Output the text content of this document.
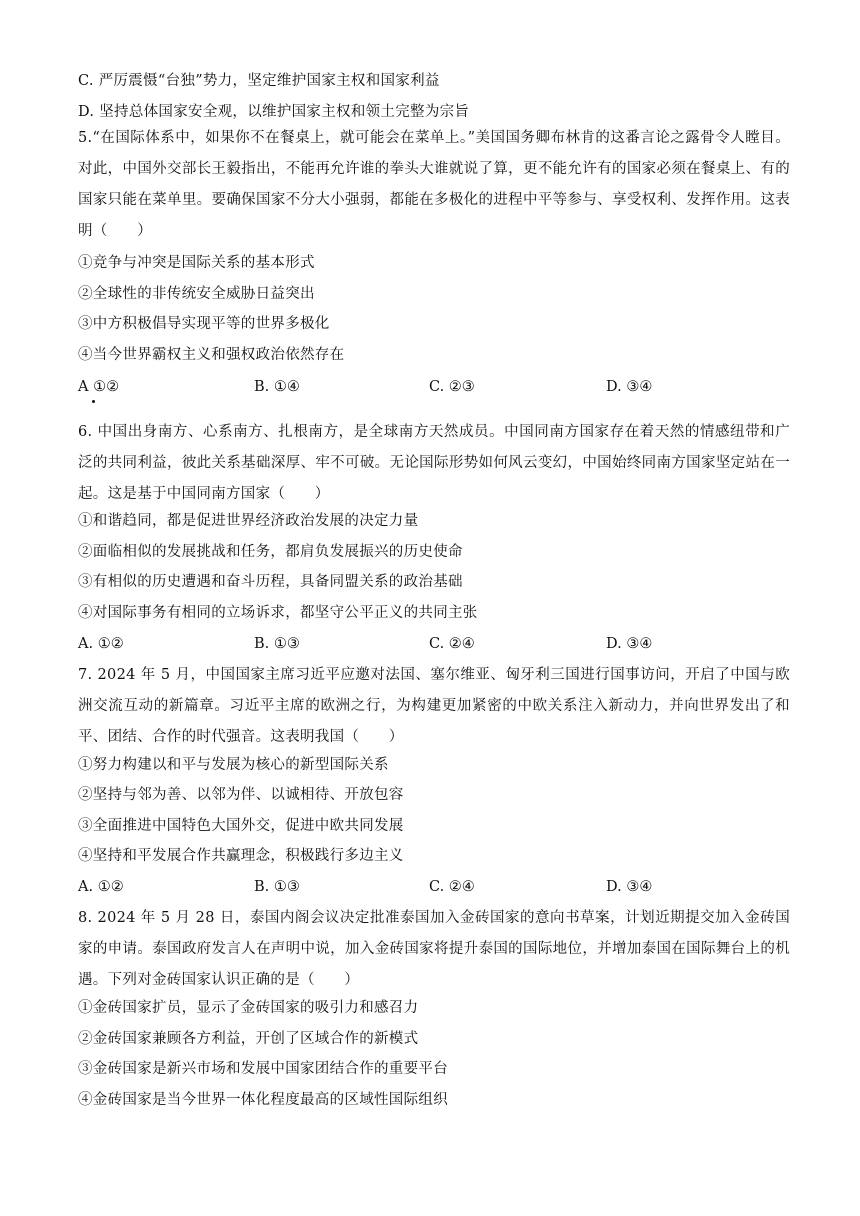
C. 严厉震慑“台独”势力，坚定维护国家主权和国家利益
D. 坚持总体国家安全观，以维护国家主权和领土完整为宗旨
5.“在国际体系中，如果你不在餐桌上，就可能会在菜单上。”美国国务卿布林肯的这番言论之露骨令人瞠目。对此，中国外交部长王毅指出，不能再允许谁的拳头大谁就说了算，更不能允许有的国家必须在餐桌上、有的国家只能在菜单里。要确保国家不分大小强弱，都能在多极化的进程中平等参与、享受权利、发挥作用。这表明（　　）
①竞争与冲突是国际关系的基本形式
②全球性的非传统安全威胁日益突出
③中方积极倡导实现平等的世界多极化
④当今世界霸权主义和强权政治依然存在
A ①②	B. ①④	C. ②③	D. ③④
6. 中国出身南方、心系南方、扎根南方，是全球南方天然成员。中国同南方国家存在着天然的情感纽带和广泛的共同利益，彼此关系基础深厚、牢不可破。无论国际形势如何风云变幻，中国始终同南方国家坚定站在一起。这是基于中国同南方国家（　　）
①和谐趋同，都是促进世界经济政治发展的决定力量
②面临相似的发展挑战和任务，都肩负发展振兴的历史使命
③有相似的历史遭遇和奋斗历程，具备同盟关系的政治基础
④对国际事务有相同的立场诉求，都坚守公平正义的共同主张
A. ①②	B. ①③	C. ②④	D. ③④
7. 2024 年 5 月，中国国家主席习近平应邀对法国、塞尔维亚、匈牙利三国进行国事访问，开启了中国与欧洲交流互动的新篇章。习近平主席的欧洲之行，为构建更加紧密的中欧关系注入新动力，并向世界发出了和平、团结、合作的时代强音。这表明我国（　　）
①努力构建以和平与发展为核心的新型国际关系
②坚持与邻为善、以邻为伴、以诚相待、开放包容
③全面推进中国特色大国外交，促进中欧共同发展
④坚持和平发展合作共赢理念，积极践行多边主义
A. ①②	B. ①③	C. ②④	D. ③④
8. 2024 年 5 月 28 日，泰国内阁会议决定批准泰国加入金砖国家的意向书草案，计划近期提交加入金砖国家的申请。泰国政府发言人在声明中说，加入金砖国家将提升泰国的国际地位，并增加泰国在国际舞台上的机遇。下列对金砖国家认识正确的是（　　）
①金砖国家扩员，显示了金砖国家的吸引力和感召力
②金砖国家兼顾各方利益，开创了区域合作的新模式
③金砖国家是新兴市场和发展中国家团结合作的重要平台
④金砖国家是当今世界一体化程度最高的区域性国际组织
